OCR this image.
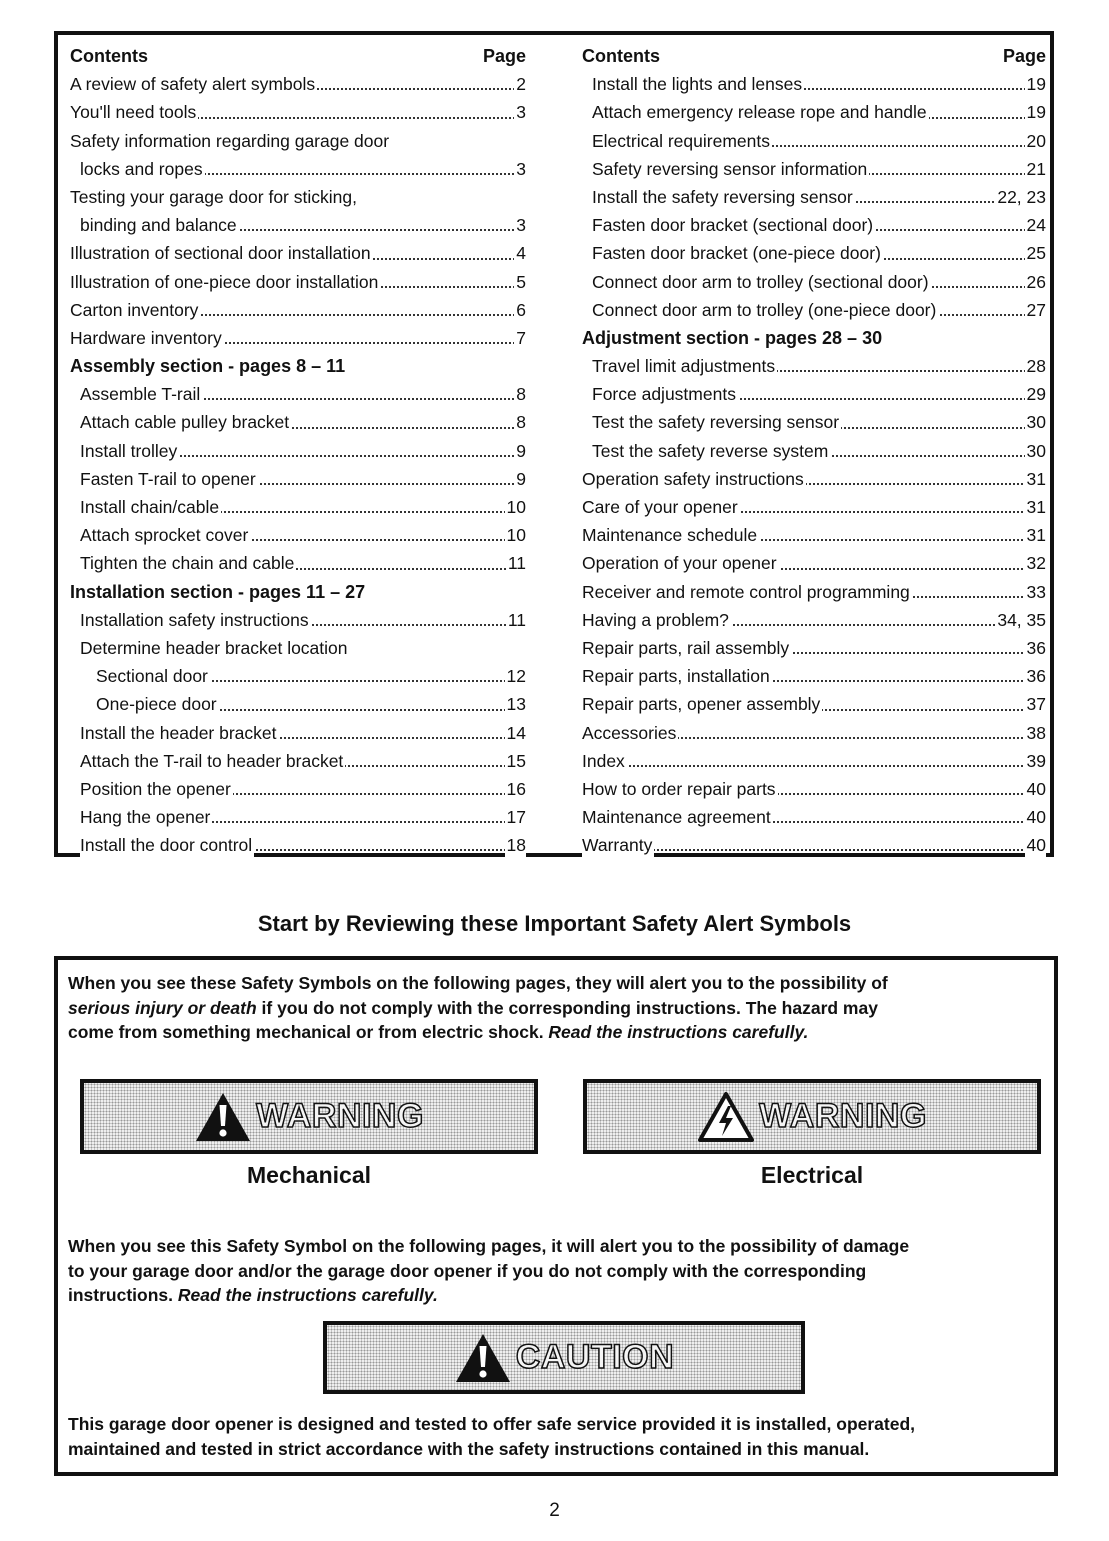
Contents	Page
A review of safety alert symbols	2
You'll need tools	3
Safety information regarding garage door
locks and ropes	3
Testing your garage door for sticking,
binding and balance	3
Illustration of sectional door installation	4
Illustration of one-piece door installation	5
Carton inventory	6
Hardware inventory	7
Assembly section - pages 8 – 11
Assemble T-rail	8
Attach cable pulley bracket	8
Install trolley	9
Fasten T-rail to opener	9
Install chain/cable	10
Attach sprocket cover	10
Tighten the chain and cable	11
Installation section - pages 11 – 27
Installation safety instructions	11
Determine header bracket location
Sectional door	12
One-piece door	13
Install the header bracket	14
Attach the T-rail to header bracket	15
Position the opener	16
Hang the opener	17
Install the door control	18
Contents	Page
Install the lights and lenses	19
Attach emergency release rope and handle	19
Electrical requirements	20
Safety reversing sensor information	21
Install the safety reversing sensor	22, 23
Fasten door bracket (sectional door)	24
Fasten door bracket (one-piece door)	25
Connect door arm to trolley (sectional door)	26
Connect door arm to trolley (one-piece door)	27
Adjustment section - pages 28 – 30
Travel limit adjustments	28
Force adjustments	29
Test the safety reversing sensor	30
Test the safety reverse system	30
Operation safety instructions	31
Care of your opener	31
Maintenance schedule	31
Operation of your opener	32
Receiver and remote control programming	33
Having a problem?	34, 35
Repair parts, rail assembly	36
Repair parts, installation	36
Repair parts, opener assembly	37
Accessories	38
Index	39
How to order repair parts	40
Maintenance agreement	40
Warranty	40
Start by Reviewing these Important Safety Alert Symbols
When you see these Safety Symbols on the following pages, they will alert you to the possibility of
serious injury or death if you do not comply with the corresponding instructions. The hazard may
come from something mechanical or from electric shock. Read the instructions carefully.
WARNING
Mechanical
WARNING
Electrical
When you see this Safety Symbol on the following pages, it will alert you to the possibility of damage
to your garage door and/or the garage door opener if you do not comply with the corresponding
instructions. Read the instructions carefully.
CAUTION
This garage door opener is designed and tested to offer safe service provided it is installed, operated,
maintained and tested in strict accordance with the safety instructions contained in this manual.
2
